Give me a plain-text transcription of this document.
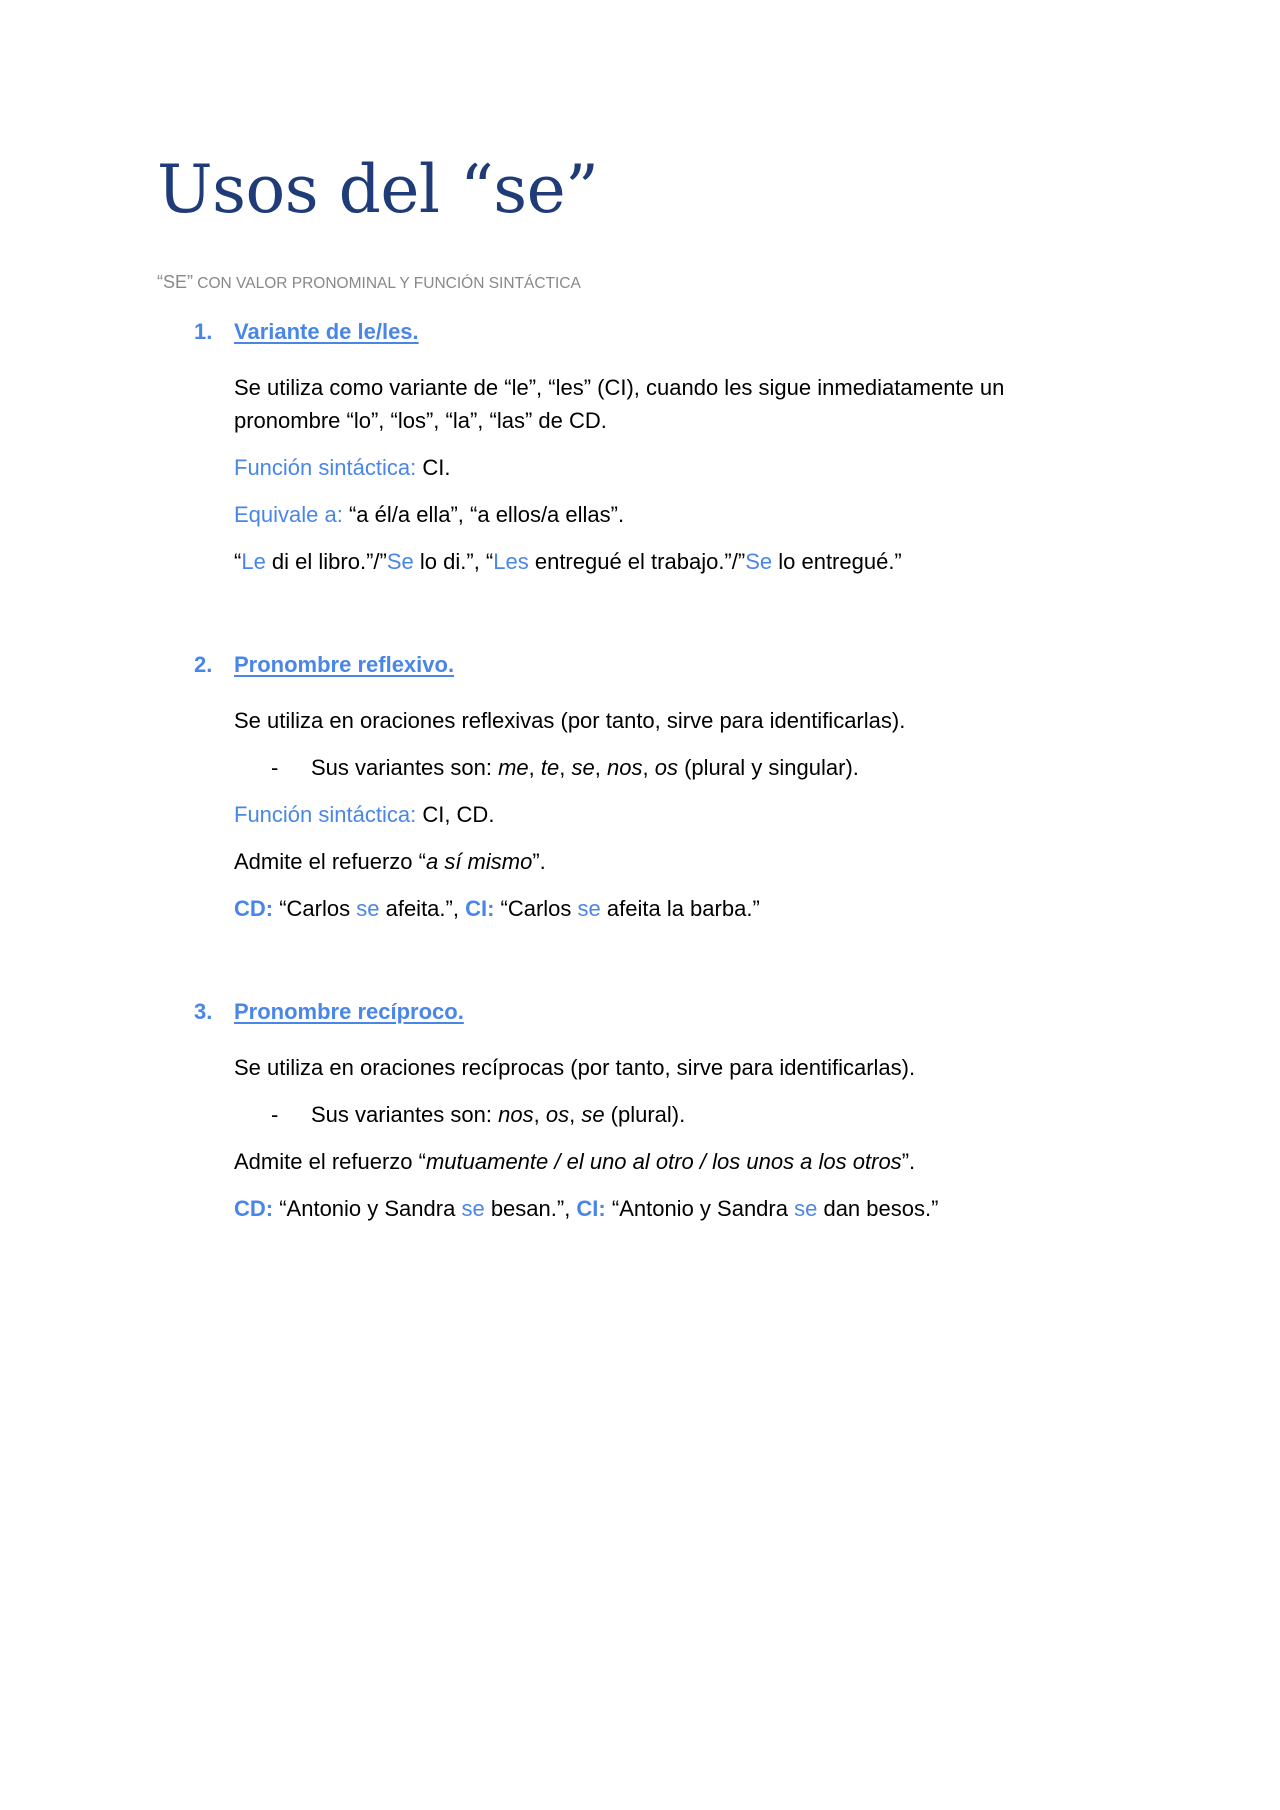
Usos del “se”

“SE” CON VALOR PRONOMINAL Y FUNCIÓN SINTÁCTICA

1. Variante de le/les.

Se utiliza como variante de “le”, “les” (CI), cuando les sigue inmediatamente un pronombre “lo”, “los”, “la”, “las” de CD.

Función sintáctica: CI.

Equivale a: “a él/a ella”, “a ellos/a ellas”.

“Le di el libro.”/”Se lo di.”, “Les entregué el trabajo.”/”Se lo entregué.”

2. Pronombre reflexivo.

Se utiliza en oraciones reflexivas (por tanto, sirve para identificarlas).

-	Sus variantes son: me, te, se, nos, os (plural y singular).

Función sintáctica: CI, CD.

Admite el refuerzo “a sí mismo”.

CD: “Carlos se afeita.”, CI: “Carlos se afeita la barba.”

3. Pronombre recíproco.

Se utiliza en oraciones recíprocas (por tanto, sirve para identificarlas).

-	Sus variantes son: nos, os, se (plural).

Admite el refuerzo “mutuamente / el uno al otro / los unos a los otros”.

CD: “Antonio y Sandra se besan.”, CI: “Antonio y Sandra se dan besos.”
